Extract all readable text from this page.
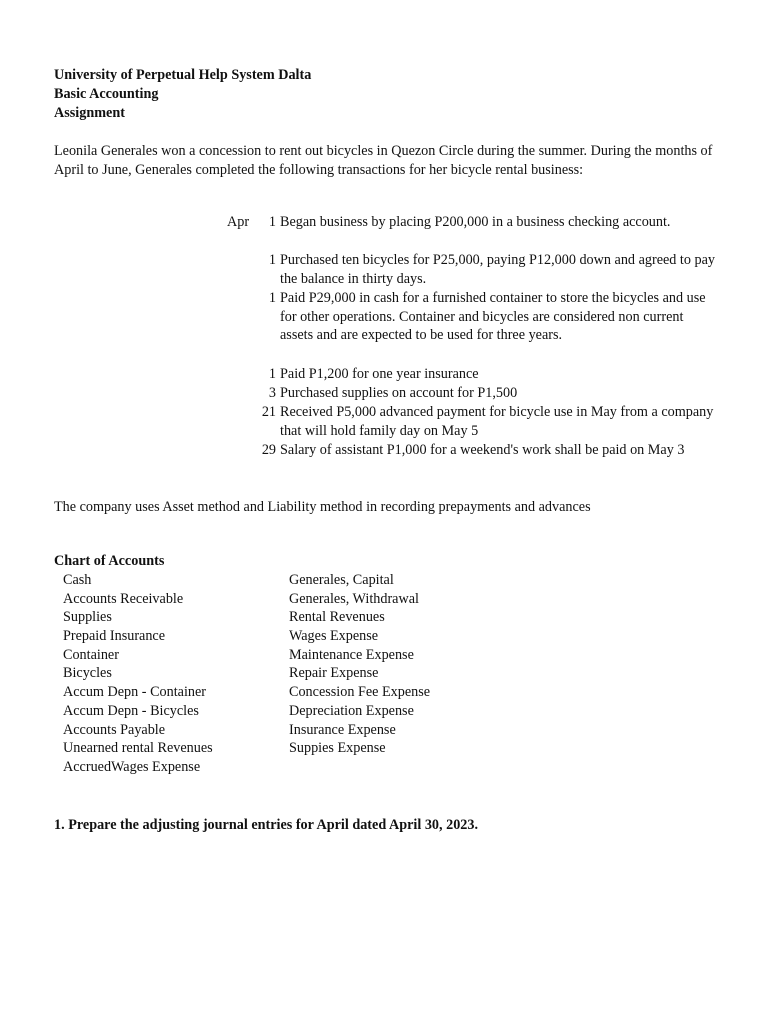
University of Perpetual Help System Dalta
Basic Accounting
Assignment
Leonila Generales won a concession to rent out bicycles in Quezon Circle during the summer. During the months of April to June, Generales completed the following transactions for her bicycle rental business:
Apr 1 Began business by placing P200,000 in a business checking account.
1 Purchased ten bicycles for P25,000, paying P12,000 down and agreed to pay the balance in thirty days.
1 Paid P29,000 in cash for a furnished container to store the bicycles and use for other operations. Container and bicycles are considered non current assets and are expected to be used for three years.
1 Paid P1,200 for one year insurance
3 Purchased supplies on account for P1,500
21 Received P5,000 advanced payment for bicycle use in May from a company that will hold family day on May 5
29 Salary of assistant P1,000 for a weekend's work shall be paid on May 3
The company uses Asset method and Liability method in recording prepayments and advances
Chart of Accounts
Cash
Accounts Receivable
Supplies
Prepaid Insurance
Container
Bicycles
Accum Depn - Container
Accum Depn - Bicycles
Accounts Payable
Unearned rental Revenues
AccruedWages Expense
Generales, Capital
Generales, Withdrawal
Rental Revenues
Wages Expense
Maintenance Expense
Repair Expense
Concession Fee Expense
Depreciation Expense
Insurance Expense
Suppies Expense
1. Prepare the adjusting journal entries for April dated April 30, 2023.
